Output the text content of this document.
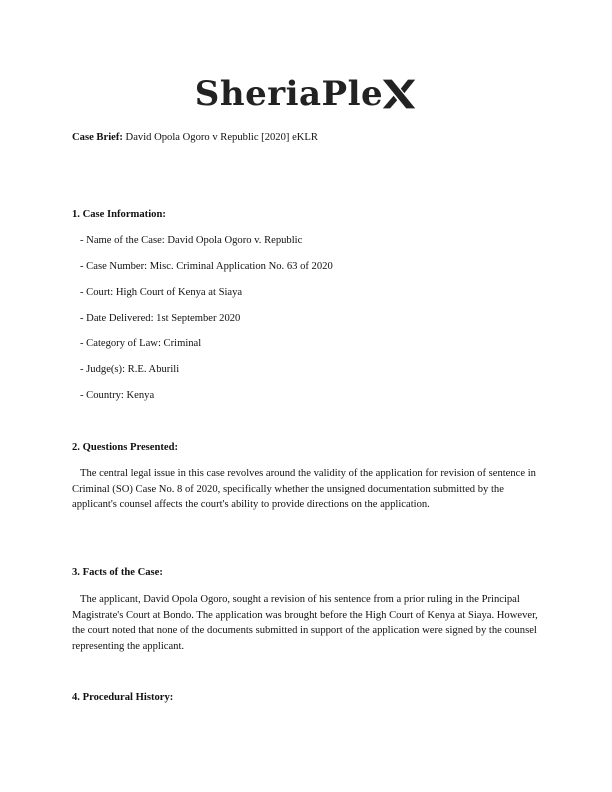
SheriaPle
Case Brief: David Opola Ogoro v Republic [2020] eKLR
1. Case Information:
- Name of the Case: David Opola Ogoro v. Republic
- Case Number: Misc. Criminal Application No. 63 of 2020
- Court: High Court of Kenya at Siaya
- Date Delivered: 1st September 2020
- Category of Law: Criminal
- Judge(s): R.E. Aburili
- Country: Kenya
2. Questions Presented:
The central legal issue in this case revolves around the validity of the application for revision of sentence in Criminal (SO) Case No. 8 of 2020, specifically whether the unsigned documentation submitted by the applicant's counsel affects the court's ability to provide directions on the application.
3. Facts of the Case:
The applicant, David Opola Ogoro, sought a revision of his sentence from a prior ruling in the Principal Magistrate's Court at Bondo. The application was brought before the High Court of Kenya at Siaya. However, the court noted that none of the documents submitted in support of the application were signed by the counsel representing the applicant.
4. Procedural History:
